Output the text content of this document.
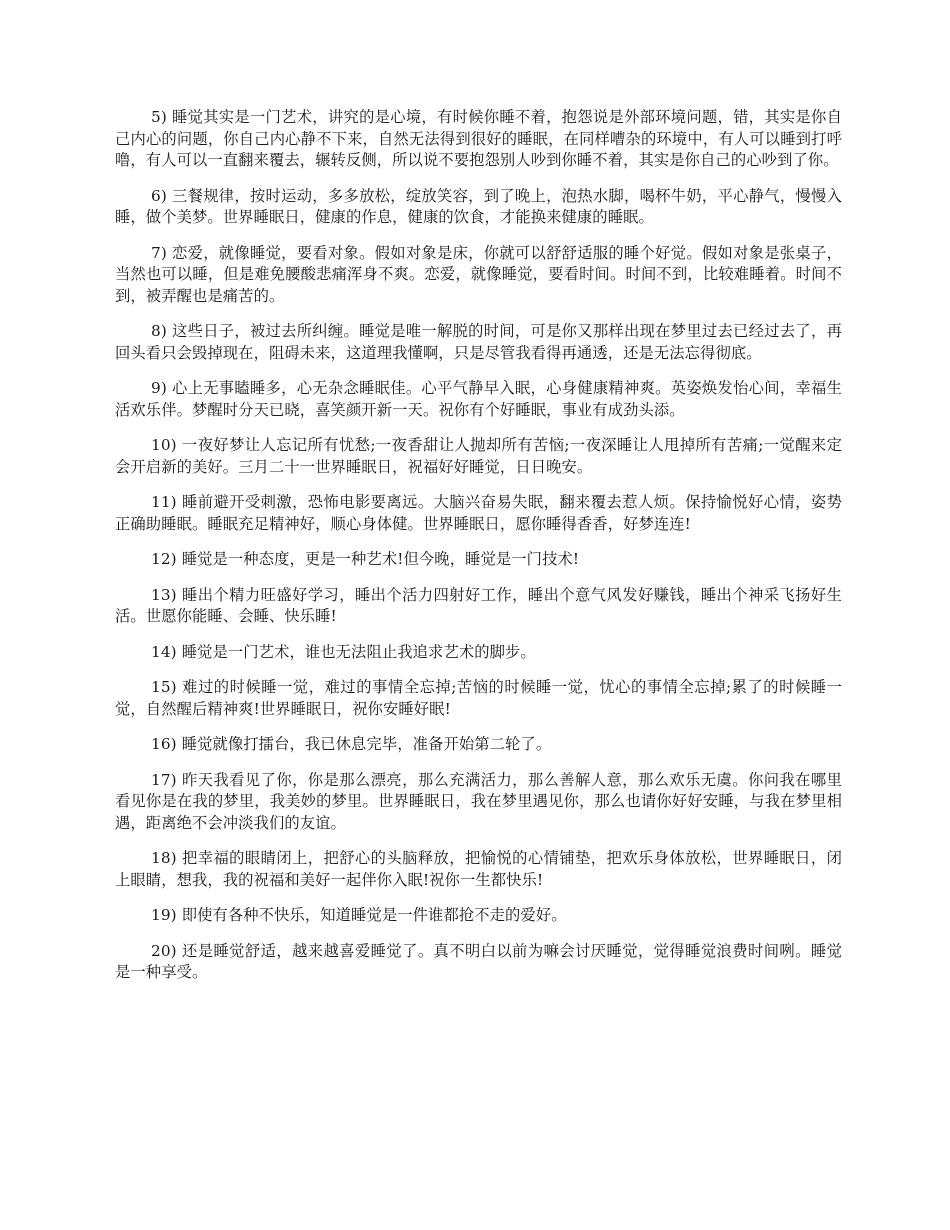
5) 睡觉其实是一门艺术，讲究的是心境，有时候你睡不着，抱怨说是外部环境问题，错，其实是你自己内心的问题，你自己内心静不下来，自然无法得到很好的睡眠，在同样嘈杂的环境中，有人可以睡到打呼噜，有人可以一直翻来覆去，辗转反侧，所以说不要抱怨别人吵到你睡不着，其实是你自己的心吵到了你。

6) 三餐规律，按时运动，多多放松，绽放笑容，到了晚上，泡热水脚，喝杯牛奶，平心静气，慢慢入睡，做个美梦。世界睡眠日，健康的作息，健康的饮食，才能换来健康的睡眠。

7) 恋爱，就像睡觉，要看对象。假如对象是床，你就可以舒舒适服的睡个好觉。假如对象是张桌子，当然也可以睡，但是难免腰酸悲痛浑身不爽。恋爱，就像睡觉，要看时间。时间不到，比较难睡着。时间不到，被弄醒也是痛苦的。

8) 这些日子，被过去所纠缠。睡觉是唯一解脱的时间，可是你又那样出现在梦里过去已经过去了，再回头看只会毁掉现在，阻碍未来，这道理我懂啊，只是尽管我看得再通透，还是无法忘得彻底。

9) 心上无事瞌睡多，心无杂念睡眠佳。心平气静早入眠，心身健康精神爽。英姿焕发怡心间，幸福生活欢乐伴。梦醒时分天已晓，喜笑颜开新一天。祝你有个好睡眠，事业有成劲头添。

10) 一夜好梦让人忘记所有忧愁;一夜香甜让人抛却所有苦恼;一夜深睡让人甩掉所有苦痛;一觉醒来定会开启新的美好。三月二十一世界睡眠日，祝福好好睡觉，日日晚安。

11) 睡前避开受刺激，恐怖电影要离远。大脑兴奋易失眠，翻来覆去惹人烦。保持愉悦好心情，姿势正确助睡眠。睡眠充足精神好，顺心身体健。世界睡眠日，愿你睡得香香，好梦连连!

12) 睡觉是一种态度，更是一种艺术!但今晚，睡觉是一门技术!

13) 睡出个精力旺盛好学习，睡出个活力四射好工作，睡出个意气风发好赚钱，睡出个神采飞扬好生活。世愿你能睡、会睡、快乐睡!

14) 睡觉是一门艺术，谁也无法阻止我追求艺术的脚步。

15) 难过的时候睡一觉，难过的事情全忘掉;苦恼的时候睡一觉，忧心的事情全忘掉;累了的时候睡一觉，自然醒后精神爽!世界睡眠日，祝你安睡好眠!

16) 睡觉就像打擂台，我已休息完毕，准备开始第二轮了。

17) 昨天我看见了你，你是那么漂亮，那么充满活力，那么善解人意，那么欢乐无虞。你问我在哪里看见你是在我的梦里，我美妙的梦里。世界睡眠日，我在梦里遇见你，那么也请你好好安睡，与我在梦里相遇，距离绝不会冲淡我们的友谊。

18) 把幸福的眼睛闭上，把舒心的头脑释放，把愉悦的心情铺垫，把欢乐身体放松，世界睡眠日，闭上眼睛，想我，我的祝福和美好一起伴你入眠!祝你一生都快乐!

19) 即使有各种不快乐，知道睡觉是一件谁都抢不走的爱好。

20) 还是睡觉舒适，越来越喜爱睡觉了。真不明白以前为嘛会讨厌睡觉，觉得睡觉浪费时间咧。睡觉是一种享受。
